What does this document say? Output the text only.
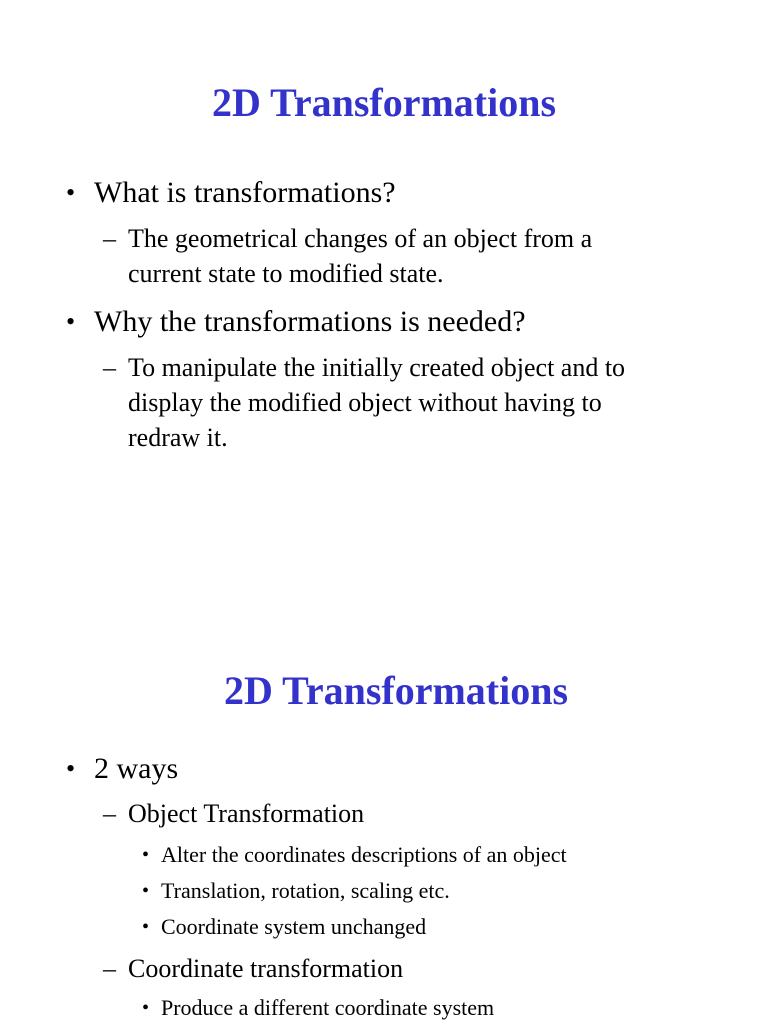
2D Transformations
• What is transformations?
– The geometrical changes of an object from a
current state to modified state.
• Why the transformations is needed?
– To manipulate the initially created object and to
display the modified object without having to
redraw it.
2D Transformations
• 2 ways
– Object Transformation
• Alter the coordinates descriptions of an object
• Translation, rotation, scaling etc.
• Coordinate system unchanged
– Coordinate transformation
• Produce a different coordinate system
